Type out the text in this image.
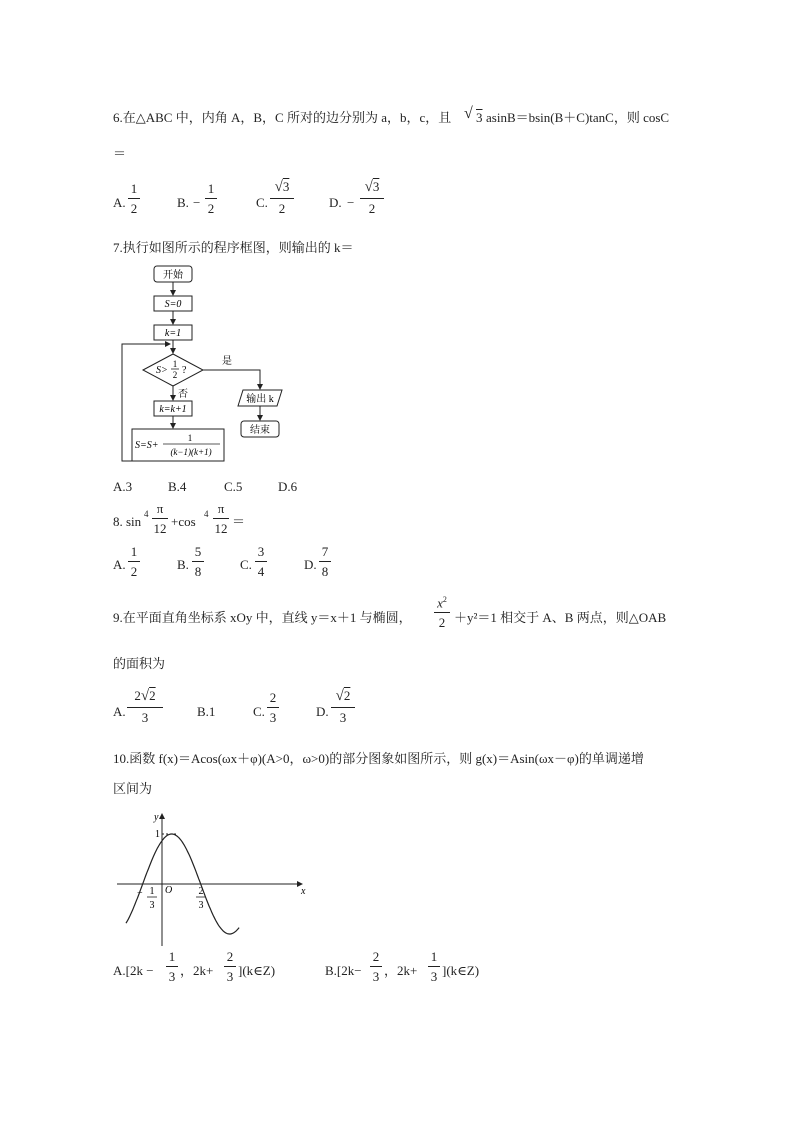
6.在△ABC 中，内角 A，B，C 所对的边分别为 a，b，c，且 √ 3 asinB＝bsin(B＋C)tanC，则 cosC
＝
A.
1
2	B. −
1
2	C.
√3
2	D. −
√3
2
7.执行如图所示的程序框图，则输出的 k＝
开始
S=0
k=1
S>
1
2 ?
是
输出 k
结束
否
k=k+1
S=S+
1
(k−1)(k+1)
A.3	B.4	C.5	D.6
8. sin 4 π
12 +cos 4 π
12 ＝
A.
1
2	B.
5
8	C.
3
4	D.
7
8
9.在平面直角坐标系 xOy 中，直线 y＝x＋1 与椭圆，
$x^2$
2 ＋y²＝1 相交于 A、B 两点，则△OAB
的面积为
A.
2√2
3	B.1	C.
2
3	D.
√2
3
10.函数 f(x)＝Acos(ωx＋φ)(A>0，ω>0)的部分图象如图所示，则 g(x)＝Asin(ωx－φ)的单调递增
区间为
y
x
O
1
− 1
3
2
3
A.[2k −
1
3 ，2k+
2
3 ](k∈Z)	B.[2k−
2
3 ，2k+
1
3 ](k∈Z)
